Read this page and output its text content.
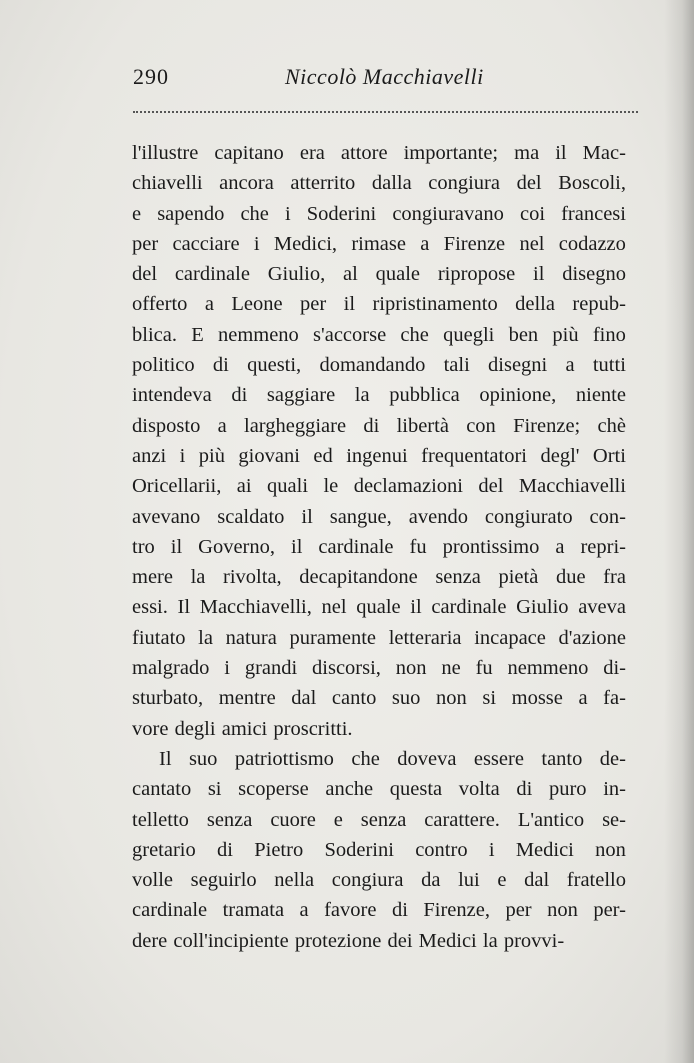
290	Niccolò Macchiavelli
l'illustre capitano era attore importante; ma il Mac-
chiavelli ancora atterrito dalla congiura del Boscoli,
e sapendo che i Soderini congiuravano coi francesi
per cacciare i Medici, rimase a Firenze nel codazzo
del cardinale Giulio, al quale ripropose il disegno
offerto a Leone per il ripristinamento della repub-
blica. E nemmeno s'accorse che quegli ben più fino
politico di questi, domandando tali disegni a tutti
intendeva di saggiare la pubblica opinione, niente
disposto a largheggiare di libertà con Firenze; chè
anzi i più giovani ed ingenui frequentatori degl' Orti
Oricellarii, ai quali le declamazioni del Macchiavelli
avevano scaldato il sangue, avendo congiurato con-
tro il Governo, il cardinale fu prontissimo a repri-
mere la rivolta, decapitandone senza pietà due fra
essi. Il Macchiavelli, nel quale il cardinale Giulio aveva
fiutato la natura puramente letteraria incapace d'azione
malgrado i grandi discorsi, non ne fu nemmeno di-
sturbato, mentre dal canto suo non si mosse a fa-
vore degli amici proscritti.
Il suo patriottismo che doveva essere tanto de-
cantato si scoperse anche questa volta di puro in-
telletto senza cuore e senza carattere. L'antico se-
gretario di Pietro Soderini contro i Medici non
volle seguirlo nella congiura da lui e dal fratello
cardinale tramata a favore di Firenze, per non per-
dere coll'incipiente protezione dei Medici la provvi-
